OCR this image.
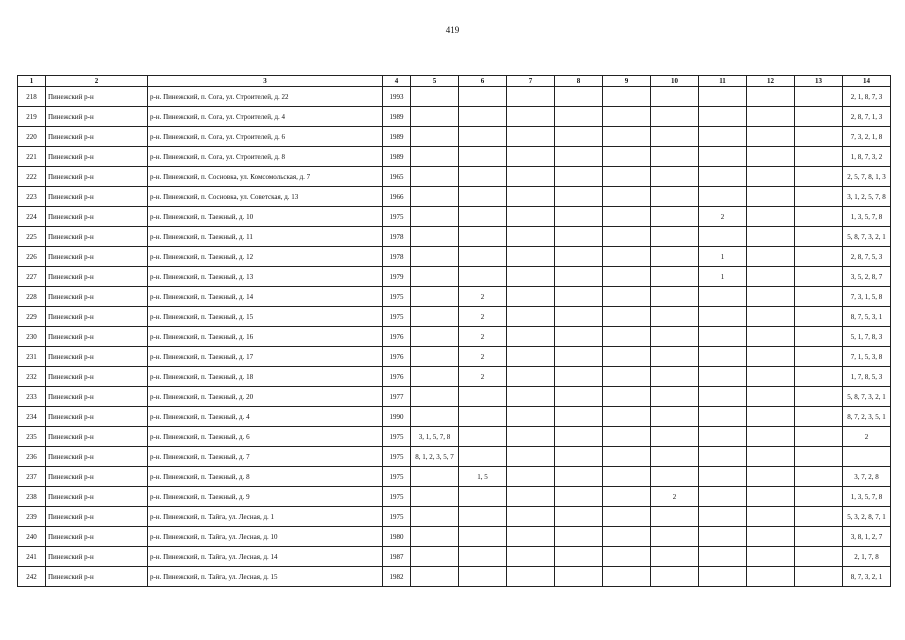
419
1	2	3	4	5	6	7	8	9	10	11	12	13	14
218	Пинежский р-н	р-н. Пинежский, п. Сога, ул. Строителей, д. 22	1993										2, 1, 8, 7, 3
219	Пинежский р-н	р-н. Пинежский, п. Сога, ул. Строителей, д. 4	1989										2, 8, 7, 1, 3
220	Пинежский р-н	р-н. Пинежский, п. Сога, ул. Строителей, д. 6	1989										7, 3, 2, 1, 8
221	Пинежский р-н	р-н. Пинежский, п. Сога, ул. Строителей, д. 8	1989										1, 8, 7, 3, 2
222	Пинежский р-н	р-н. Пинежский, п. Сосновка, ул. Комсомольская, д. 7	1965										2, 5, 7, 8, 1, 3
223	Пинежский р-н	р-н. Пинежский, п. Сосновка, ул. Советская, д. 13	1966										3, 1, 2, 5, 7, 8
224	Пинежский р-н	р-н. Пинежский, п. Таежный, д. 10	1975							2			1, 3, 5, 7, 8
225	Пинежский р-н	р-н. Пинежский, п. Таежный, д. 11	1978										5, 8, 7, 3, 2, 1
226	Пинежский р-н	р-н. Пинежский, п. Таежный, д. 12	1978							1			2, 8, 7, 5, 3
227	Пинежский р-н	р-н. Пинежский, п. Таежный, д. 13	1979							1			3, 5, 2, 8, 7
228	Пинежский р-н	р-н. Пинежский, п. Таежный, д. 14	1975		2								7, 3, 1, 5, 8
229	Пинежский р-н	р-н. Пинежский, п. Таежный, д. 15	1975		2								8, 7, 5, 3, 1
230	Пинежский р-н	р-н. Пинежский, п. Таежный, д. 16	1976		2								5, 1, 7, 8, 3
231	Пинежский р-н	р-н. Пинежский, п. Таежный, д. 17	1976		2								7, 1, 5, 3, 8
232	Пинежский р-н	р-н. Пинежский, п. Таежный, д. 18	1976		2								1, 7, 8, 5, 3
233	Пинежский р-н	р-н. Пинежский, п. Таежный, д. 20	1977										5, 8, 7, 3, 2, 1
234	Пинежский р-н	р-н. Пинежский, п. Таежный, д. 4	1990										8, 7, 2, 3, 5, 1
235	Пинежский р-н	р-н. Пинежский, п. Таежный, д. 6	1975	3, 1, 5, 7, 8									2
236	Пинежский р-н	р-н. Пинежский, п. Таежный, д. 7	1975	8, 1, 2, 3, 5, 7									
237	Пинежский р-н	р-н. Пинежский, п. Таежный, д. 8	1975		1, 5								3, 7, 2, 8
238	Пинежский р-н	р-н. Пинежский, п. Таежный, д. 9	1975						2				1, 3, 5, 7, 8
239	Пинежский р-н	р-н. Пинежский, п. Тайга, ул. Лесная, д. 1	1975										5, 3, 2, 8, 7, 1
240	Пинежский р-н	р-н. Пинежский, п. Тайга, ул. Лесная, д. 10	1980										3, 8, 1, 2, 7
241	Пинежский р-н	р-н. Пинежский, п. Тайга, ул. Лесная, д. 14	1987										2, 1, 7, 8
242	Пинежский р-н	р-н. Пинежский, п. Тайга, ул. Лесная, д. 15	1982										8, 7, 3, 2, 1
